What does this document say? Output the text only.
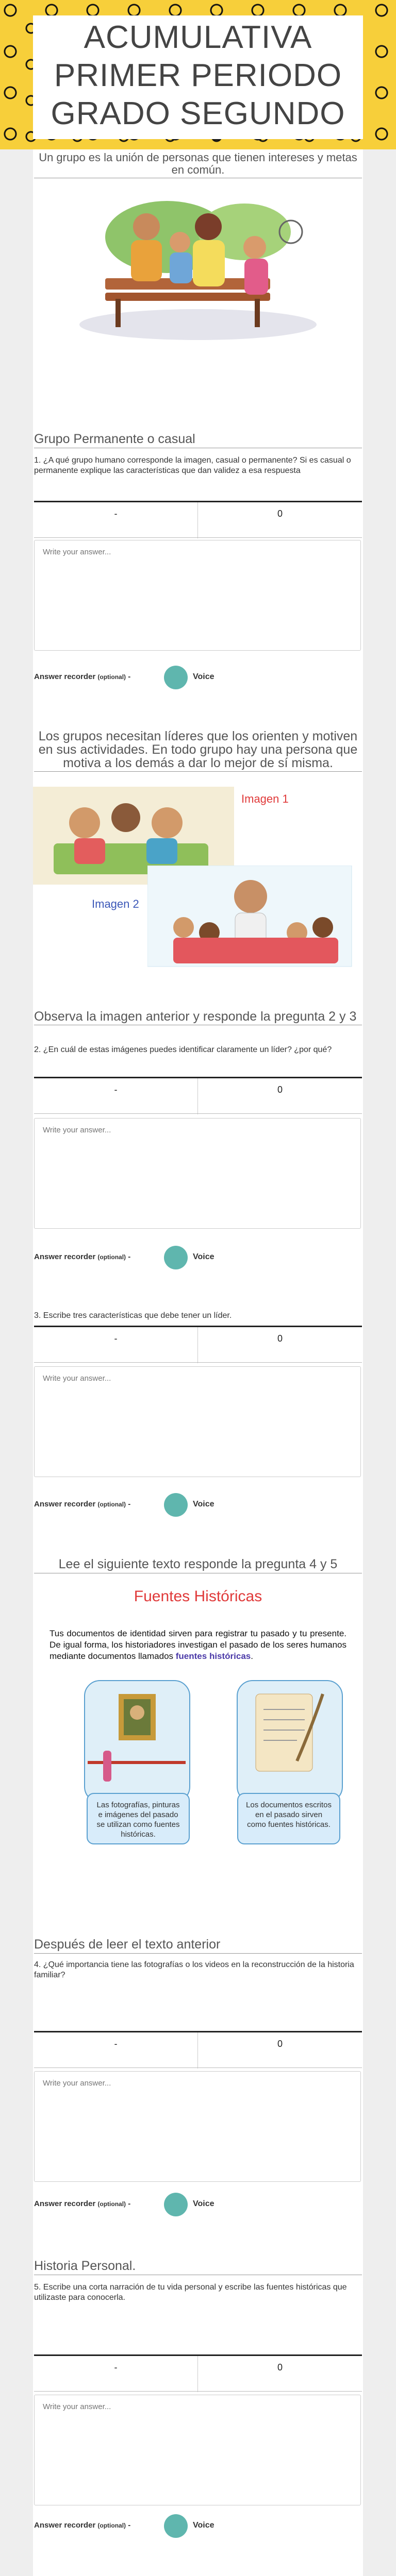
ACUMULATIVA
PRIMER PERIODO
GRADO SEGUNDO
Un grupo es la unión de personas que tienen intereses y metas en común.
Grupo Permanente o casual
1. ¿A qué grupo humano corresponde la imagen, casual o permanente? Si es casual o permanente explique las características que dan validez a esa respuesta
-	0
Write your answer...
Answer recorder (optional) -	Voice
Los grupos necesitan líderes que los orienten y motiven en sus actividades. En todo grupo hay una persona que motiva a los demás a dar lo mejor de sí misma.
Imagen 1
Imagen 2
Observa la imagen anterior y responde la pregunta 2 y 3
2. ¿En cuál de estas imágenes puedes identificar claramente un líder? ¿por qué?
-	0
Write your answer...
Answer recorder (optional) -	Voice
3. Escribe tres características que debe tener un líder.
-	0
Write your answer...
Answer recorder (optional) -	Voice
Lee el siguiente texto responde la pregunta 4 y 5
Fuentes Históricas
Tus documentos de identidad sirven para registrar tu pasado y tu presente. De igual forma, los historiadores investigan el pasado de los seres humanos mediante documentos llamados fuentes históricas.
Las fotografías, pinturas e imágenes del pasado se utilizan como fuentes históricas.
Los documentos escritos en el pasado sirven como fuentes históricas.
Después de leer el texto anterior
4. ¿Qué importancia tiene las fotografías o los videos en la reconstrucción de la historia familiar?
-	0
Write your answer...
Answer recorder (optional) -	Voice
Historia Personal.
5. Escribe una corta narración de tu vida personal y escribe las fuentes históricas que utilizaste para conocerla.
-	0
Write your answer...
Answer recorder (optional) -	Voice
